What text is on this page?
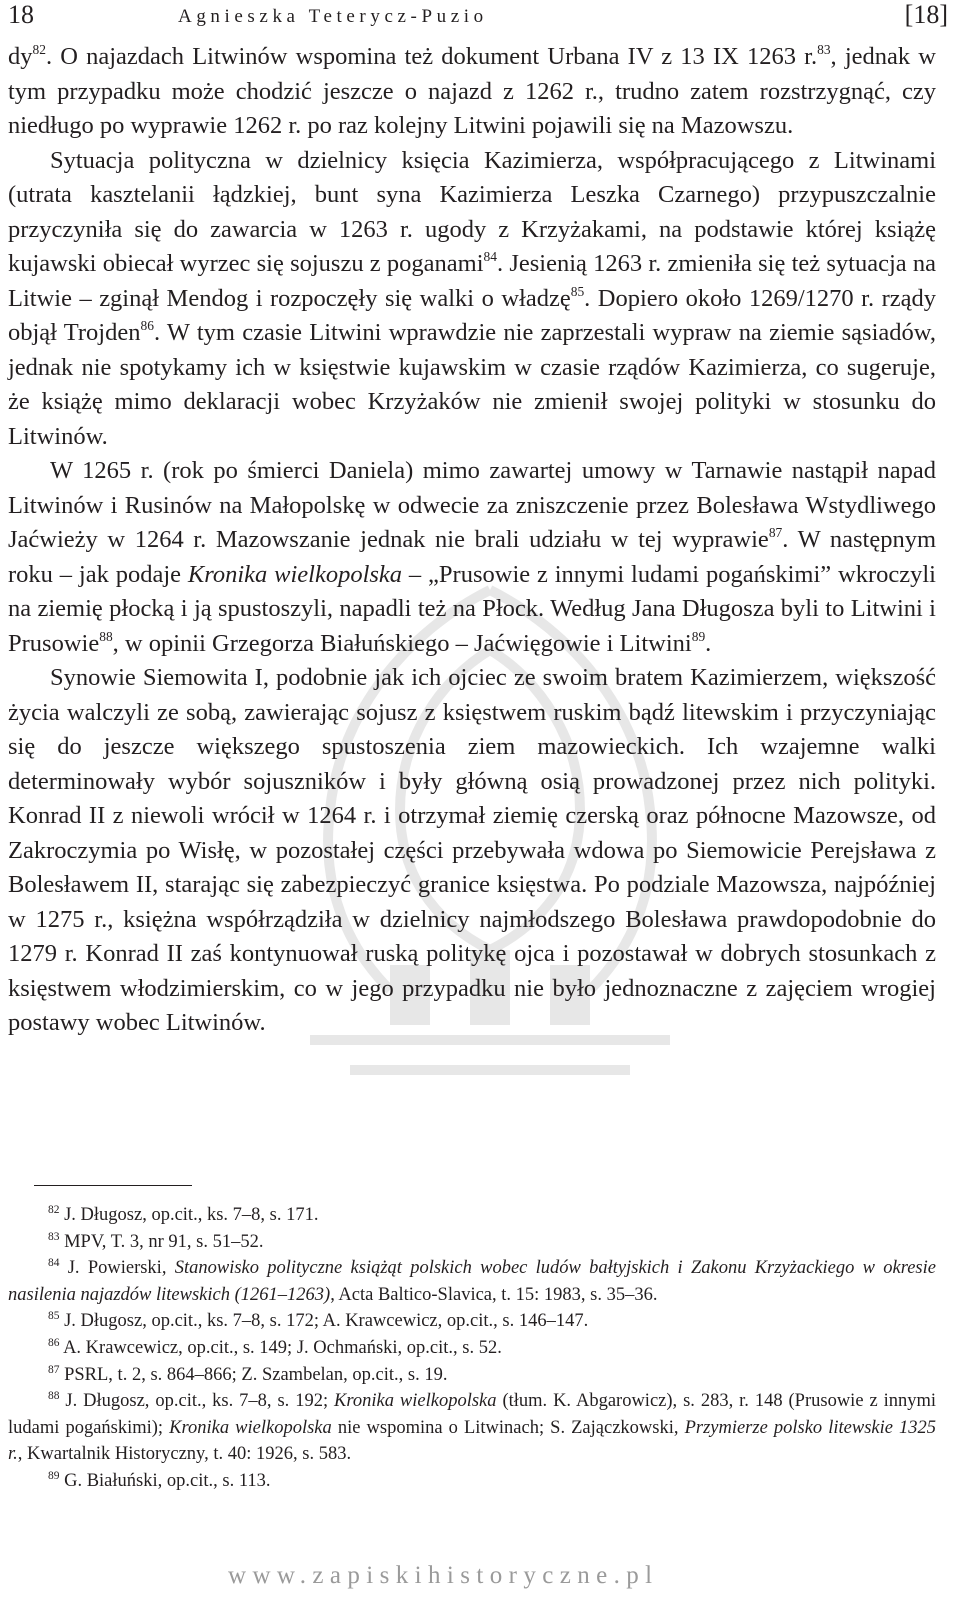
18	Agnieszka Teterycz-Puzio	[18]

$dy^{82}$. O najazdach Litwinów wspomina też dokument Urbana IV z 13 IX 1263 r.$^{83}$, jednak w tym przypadku może chodzić jeszcze o najazd z 1262 r., trudno zatem rozstrzygnąć, czy niedługo po wyprawie 1262 r. po raz kolejny Litwini pojawili się na Mazowszu.

Sytuacja polityczna w dzielnicy księcia Kazimierza, współpracującego z Litwinami (utrata kasztelanii łądzkiej, bunt syna Kazimierza Leszka Czarnego) przypuszczalnie przyczyniła się do zawarcia w 1263 r. ugody z Krzyżakami, na podstawie której książę kujawski obiecał wyrzec się sojuszu z poganami$^{84}$. Jesienią 1263 r. zmieniła się też sytuacja na Litwie – zginął Mendog i rozpoczęły się walki o władzę$^{85}$. Dopiero około 1269/1270 r. rządy objął Trojden$^{86}$. W tym czasie Litwini wprawdzie nie zaprzestali wypraw na ziemie sąsiadów, jednak nie spotykamy ich w księstwie kujawskim w czasie rządów Kazimierza, co sugeruje, że książę mimo deklaracji wobec Krzyżaków nie zmienił swojej polityki w stosunku do Litwinów.

W 1265 r. (rok po śmierci Daniela) mimo zawartej umowy w Tarnawie nastąpił napad Litwinów i Rusinów na Małopolskę w odwecie za zniszczenie przez Bolesława Wstydliwego Jaćwieży w 1264 r. Mazowszanie jednak nie brali udziału w tej wyprawie$^{87}$. W następnym roku – jak podaje Kronika wielkopolska – „Prusowie z innymi ludami pogańskimi” wkroczyli na ziemię płocką i ją spustoszyli, napadli też na Płock. Według Jana Długosza byli to Litwini i Prusowie$^{88}$, w opinii Grzegorza Białuńskiego – Jaćwięgowie i Litwini$^{89}$.

Synowie Siemowita I, podobnie jak ich ojciec ze swoim bratem Kazimierzem, większość życia walczyli ze sobą, zawierając sojusz z księstwem ruskim bądź litewskim i przyczyniając się do jeszcze większego spustoszenia ziem mazowieckich. Ich wzajemne walki determinowały wybór sojuszników i były główną osią prowadzonej przez nich polityki. Konrad II z niewoli wrócił w 1264 r. i otrzymał ziemię czerską oraz północne Mazowsze, od Zakroczymia po Wisłę, w pozostałej części przebywała wdowa po Siemowicie Perejsława z Bolesławem II, starając się zabezpieczyć granice księstwa. Po podziale Mazowsza, najpóźniej w 1275 r., księżna współrządziła w dzielnicy najmłodszego Bolesława prawdopodobnie do 1279 r. Konrad II zaś kontynuował ruską politykę ojca i pozostawał w dobrych stosunkach z księstwem włodzimierskim, co w jego przypadku nie było jednoznaczne z zajęciem wrogiej postawy wobec Litwinów.

$^{82}$ J. Długosz, op.cit., ks. 7–8, s. 171.

$^{83}$ MPV, T. 3, nr 91, s. 51–52.

$^{84}$ J. Powierski, Stanowisko polityczne książąt polskich wobec ludów bałtyjskich i Zakonu Krzyżackiego w okresie nasilenia najazdów litewskich (1261–1263), Acta Baltico-Slavica, t. 15: 1983, s. 35–36.

$^{85}$ J. Długosz, op.cit., ks. 7–8, s. 172; A. Krawcewicz, op.cit., s. 146–147.

$^{86}$ A. Krawcewicz, op.cit., s. 149; J. Ochmański, op.cit., s. 52.

$^{87}$ PSRL, t. 2, s. 864–866; Z. Szambelan, op.cit., s. 19.

$^{88}$ J. Długosz, op.cit., ks. 7–8, s. 192; Kronika wielkopolska (tłum. K. Abgarowicz), s. 283, r. 148 (Prusowie z innymi ludami pogańskimi); Kronika wielkopolska nie wspomina o Litwinach; S. Zajączkowski, Przymierze polsko litewskie 1325 r., Kwartalnik Historyczny, t. 40: 1926, s. 583.

$^{89}$ G. Białuński, op.cit., s. 113.

www.zapiskihistoryczne.pl
